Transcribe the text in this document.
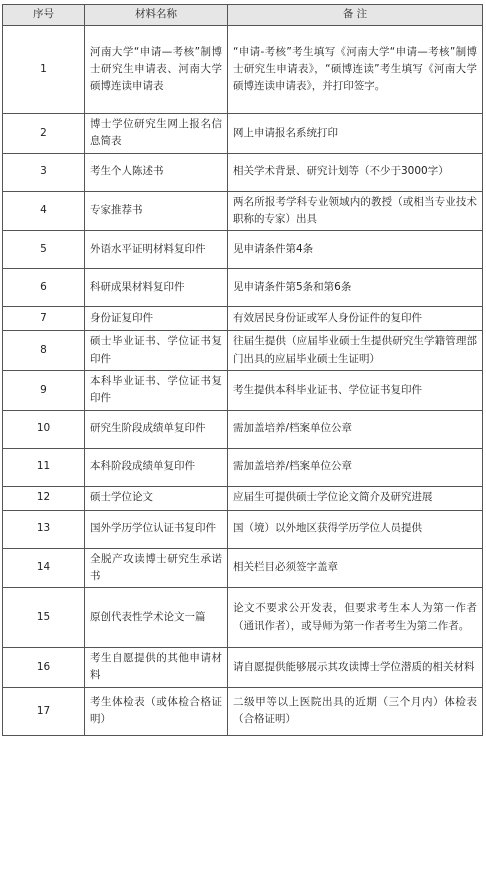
序号	材料名称	备 注
1	河南大学“申请—考核”制博士研究生申请表、河南大学硕博连读申请表	“申请-考核”考生填写《河南大学“申请—考核”制博士研究生申请表》，“硕博连读”考生填写《河南大学硕博连读申请表》，并打印签字。
2	博士学位研究生网上报名信息简表	网上申请报名系统打印
3	考生个人陈述书	相关学术背景、研究计划等（不少于3000字）
4	专家推荐书	两名所报考学科专业领域内的教授（或相当专业技术职称的专家）出具
5	外语水平证明材料复印件	见申请条件第4条
6	科研成果材料复印件	见申请条件第5条和第6条
7	身份证复印件	有效居民身份证或军人身份证件的复印件
8	硕士毕业证书、学位证书复印件	往届生提供（应届毕业硕士生提供研究生学籍管理部门出具的应届毕业硕士生证明）
9	本科毕业证书、学位证书复印件	考生提供本科毕业证书、学位证书复印件
10	研究生阶段成绩单复印件	需加盖培养/档案单位公章
11	本科阶段成绩单复印件	需加盖培养/档案单位公章
12	硕士学位论文	应届生可提供硕士学位论文简介及研究进展
13	国外学历学位认证书复印件	国（境）以外地区获得学历学位人员提供
14	全脱产攻读博士研究生承诺书	相关栏目必须签字盖章
15	原创代表性学术论文一篇	论文不要求公开发表，但要求考生本人为第一作者（通讯作者），或导师为第一作者考生为第二作者。
16	考生自愿提供的其他申请材料	请自愿提供能够展示其攻读博士学位潜质的相关材料
17	考生体检表（或体检合格证明）	二级甲等以上医院出具的近期（三个月内）体检表（合格证明）
